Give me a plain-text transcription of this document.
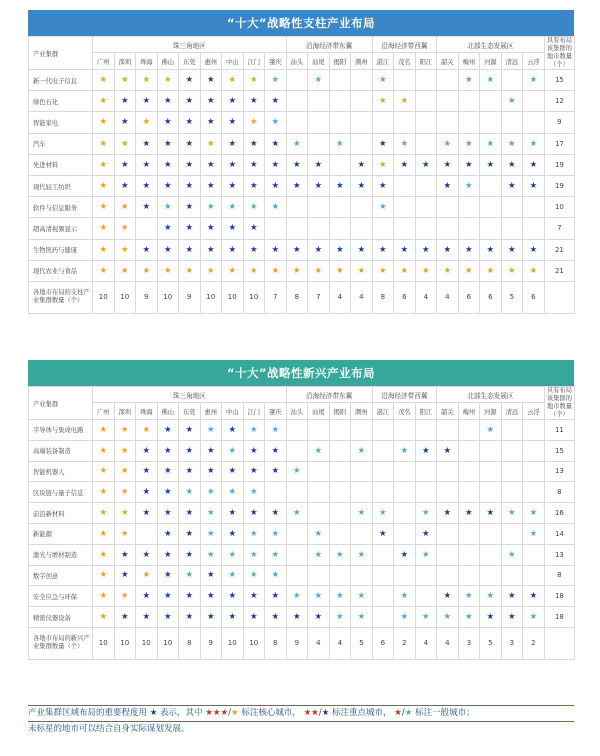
“十大”战略性支柱产业布局
产业集群	珠三角地区									沿海经济带东翼				沿海经济带西翼			北部生态发展区					具有布局该集群的地市数量（个）
	广州	深圳	珠海	佛山	东莞	惠州	中山	江门	肇庆	汕头	汕尾	揭阳	潮州	湛江	茂名	阳江	韶关	梅州	河源	清远	云浮	
新一代电子信息	★	★	★	★	★	★	★	★	★		★			★				★	★		★	15
绿色石化	★	★	★	★	★	★	★	★	★					★	★					★		12
智能家电	★	★	★	★	★	★	★	★	★													9
汽车	★	★	★	★	★	★	★	★	★	★		★		★	★		★	★	★	★	★	17
先进材料	★	★	★	★	★	★	★	★	★	★	★		★	★	★	★	★	★	★	★	★	19
现代轻工纺织	★	★	★	★	★	★	★	★	★	★	★	★	★	★			★	★		★	★	19
软件与信息服务	★	★	★	★	★	★	★	★	★					★								10
超高清视频显示	★	★		★	★	★	★	★														7
生物医药与健康	★	★	★	★	★	★	★	★	★	★	★	★	★	★	★	★	★	★	★	★	★	21
现代农业与食品	★	★	★	★	★	★	★	★	★	★	★	★	★	★	★	★	★	★	★	★	★	21
各地市布局的支柱产业集群数量（个）	10	10	9	10	9	10	10	10	7	8	7	4	4	8	6	4	4	6	6	5	6	
“十大”战略性新兴产业布局
产业集群	珠三角地区									沿海经济带东翼				沿海经济带西翼			北部生态发展区					具有布局该集群的地市数量（个）
	广州	深圳	珠海	佛山	东莞	惠州	中山	江门	肇庆	汕头	汕尾	揭阳	潮州	湛江	茂名	阳江	韶关	梅州	河源	清远	云浮	
半导体与集成电路	★	★	★	★	★	★	★	★	★										★			11
高端装备制造	★	★	★	★	★	★	★	★	★		★		★		★	★	★					15
智能机器人	★	★	★	★	★	★	★	★	★	★												13
区块链与量子信息	★	★	★	★	★	★	★	★														8
前沿新材料	★	★	★	★	★	★	★	★	★	★			★	★		★	★	★	★	★	★	16
新能源	★	★		★	★	★	★	★	★		★			★		★					★	14
激光与增材制造	★	★	★	★	★	★	★	★	★		★	★	★		★	★				★		13
数字创意	★	★	★	★	★	★	★	★	★													8
安全应急与环保	★	★	★	★	★	★	★	★	★	★	★	★	★		★		★	★	★	★	★	18
精密仪器设备	★	★	★	★	★	★	★	★	★	★	★	★	★		★	★	★	★	★	★	★	18
各地市布局的新兴产业集群数量（个）	10	10	10	10	8	9	10	10	8	9	4	4	5	6	2	4	4	3	5	3	2	
产业集群区域布局的重要程度用 ★ 表示，其中 ★★★/★ 标注核心城市， ★★/★ 标注重点城市， ★/★ 标注一般城市；
未标星的地市可以结合自身实际谋划发展。
